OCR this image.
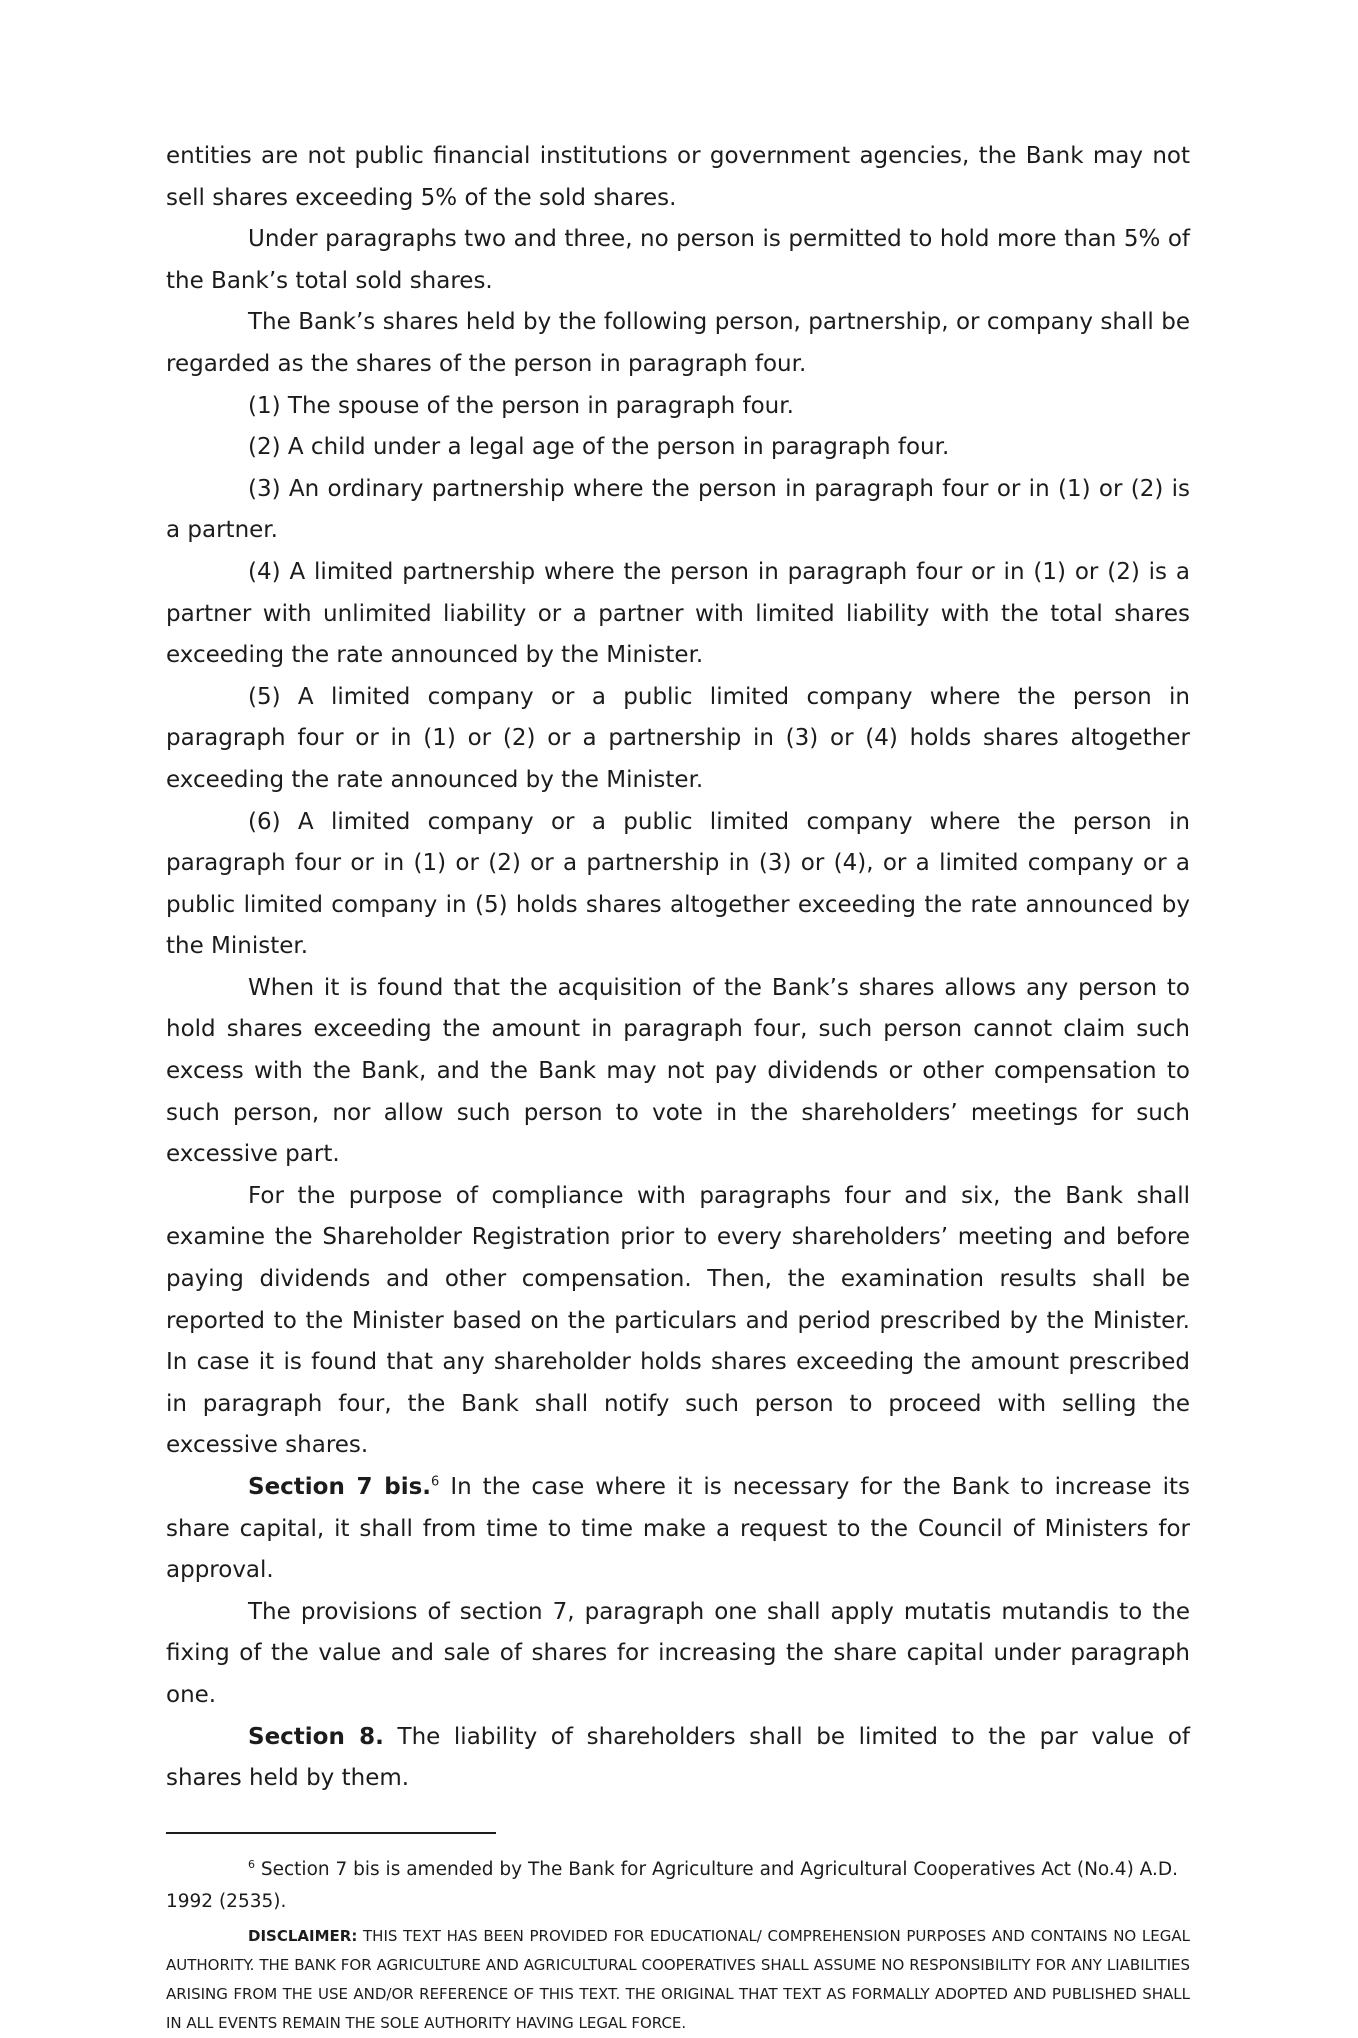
entities are not public financial institutions or government agencies, the Bank may not sell shares exceeding 5% of the sold shares.

Under paragraphs two and three, no person is permitted to hold more than 5% of the Bank’s total sold shares.

The Bank’s shares held by the following person, partnership, or company shall be regarded as the shares of the person in paragraph four.

(1) The spouse of the person in paragraph four.

(2) A child under a legal age of the person in paragraph four.

(3) An ordinary partnership where the person in paragraph four or in (1) or (2) is a partner.

(4) A limited partnership where the person in paragraph four or in (1) or (2) is a partner with unlimited liability or a partner with limited liability with the total shares exceeding the rate announced by the Minister.

(5) A limited company or a public limited company where the person in paragraph four or in (1) or (2) or a partnership in (3) or (4) holds shares altogether exceeding the rate announced by the Minister.

(6) A limited company or a public limited company where the person in paragraph four or in (1) or (2) or a partnership in (3) or (4), or a limited company or a public limited company in (5) holds shares altogether exceeding the rate announced by the Minister.

When it is found that the acquisition of the Bank’s shares allows any person to hold shares exceeding the amount in paragraph four, such person cannot claim such excess with the Bank, and the Bank may not pay dividends or other compensation to such person, nor allow such person to vote in the shareholders’ meetings for such excessive part.

For the purpose of compliance with paragraphs four and six, the Bank shall examine the Shareholder Registration prior to every shareholders’ meeting and before paying dividends and other compensation. Then, the examination results shall be reported to the Minister based on the particulars and period prescribed by the Minister. In case it is found that any shareholder holds shares exceeding the amount prescribed in paragraph four, the Bank shall notify such person to proceed with selling the excessive shares.

Section 7 bis.$^6$ In the case where it is necessary for the Bank to increase its share capital, it shall from time to time make a request to the Council of Ministers for approval.

The provisions of section 7, paragraph one shall apply mutatis mutandis to the fixing of the value and sale of shares for increasing the share capital under paragraph one.

Section 8. The liability of shareholders shall be limited to the par value of shares held by them.

$^6$ Section 7 bis is amended by The Bank for Agriculture and Agricultural Cooperatives Act (No.4) A.D. 1992 (2535).

DISCLAIMER: THIS TEXT HAS BEEN PROVIDED FOR EDUCATIONAL/ COMPREHENSION PURPOSES AND CONTAINS NO LEGAL AUTHORITY. THE BANK FOR AGRICULTURE AND AGRICULTURAL COOPERATIVES SHALL ASSUME NO RESPONSIBILITY FOR ANY LIABILITIES ARISING FROM THE USE AND/OR REFERENCE OF THIS TEXT. THE ORIGINAL THAT TEXT AS FORMALLY ADOPTED AND PUBLISHED SHALL IN ALL EVENTS REMAIN THE SOLE AUTHORITY HAVING LEGAL FORCE.
